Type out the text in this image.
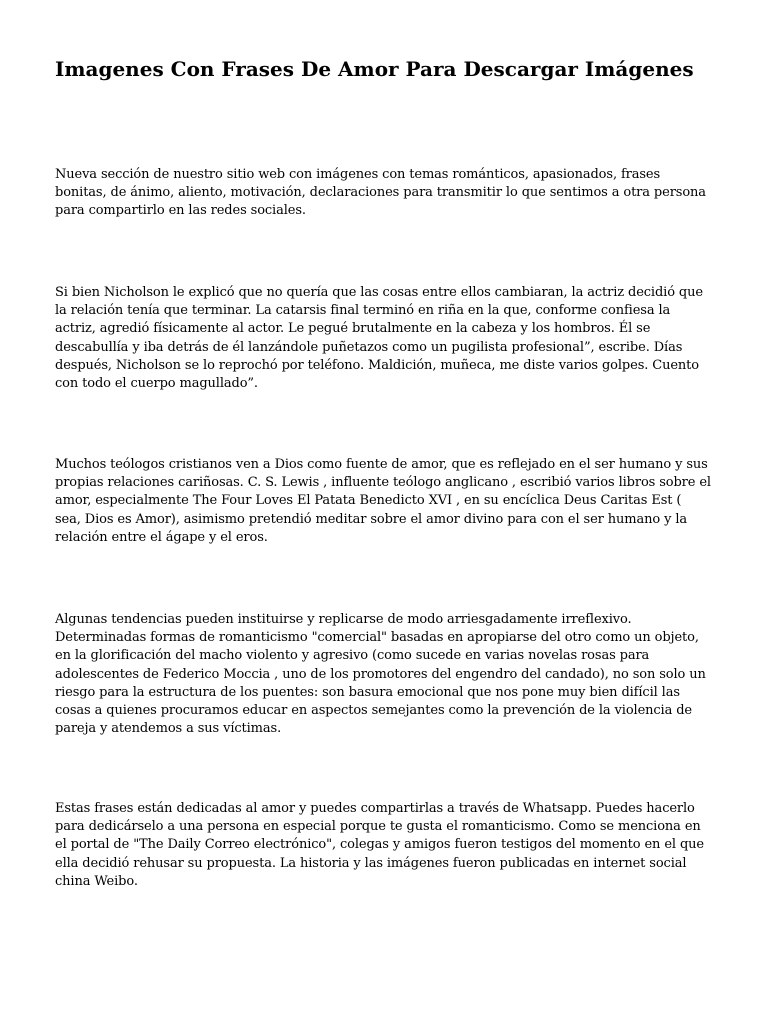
Imagenes Con Frases De Amor Para Descargar Imágenes

Nueva sección de nuestro sitio web con imágenes con temas románticos, apasionados, frases
bonitas, de ánimo, aliento, motivación, declaraciones para transmitir lo que sentimos a otra persona
para compartirlo en las redes sociales.

Si bien Nicholson le explicó que no quería que las cosas entre ellos cambiaran, la actriz decidió que
la relación tenía que terminar. La catarsis final terminó en riña en la que, conforme confiesa la
actriz, agredió físicamente al actor. Le pegué brutalmente en la cabeza y los hombros. Él se
descabullía y iba detrás de él lanzándole puñetazos como un pugilista profesional”, escribe. Días
después, Nicholson se lo reprochó por teléfono. Maldición, muñeca, me diste varios golpes. Cuento
con todo el cuerpo magullado”.

Muchos teólogos cristianos ven a Dios como fuente de amor, que es reflejado en el ser humano y sus
propias relaciones cariñosas. C. S. Lewis , influente teólogo anglicano , escribió varios libros sobre el
amor, especialmente The Four Loves El Patata Benedicto XVI , en su encíclica Deus Caritas Est (
sea, Dios es Amor), asimismo pretendió meditar sobre el amor divino para con el ser humano y la
relación entre el ágape y el eros.

Algunas tendencias pueden instituirse y replicarse de modo arriesgadamente irreflexivo.
Determinadas formas de romanticismo "comercial" basadas en apropiarse del otro como un objeto,
en la glorificación del macho violento y agresivo (como sucede en varias novelas rosas para
adolescentes de Federico Moccia , uno de los promotores del engendro del candado), no son solo un
riesgo para la estructura de los puentes: son basura emocional que nos pone muy bien difícil las
cosas a quienes procuramos educar en aspectos semejantes como la prevención de la violencia de
pareja y atendemos a sus víctimas.

Estas frases están dedicadas al amor y puedes compartirlas a través de Whatsapp. Puedes hacerlo
para dedicárselo a una persona en especial porque te gusta el romanticismo. Como se menciona en
el portal de "The Daily Correo electrónico", colegas y amigos fueron testigos del momento en el que
ella decidió rehusar su propuesta. La historia y las imágenes fueron publicadas en internet social
china Weibo.
